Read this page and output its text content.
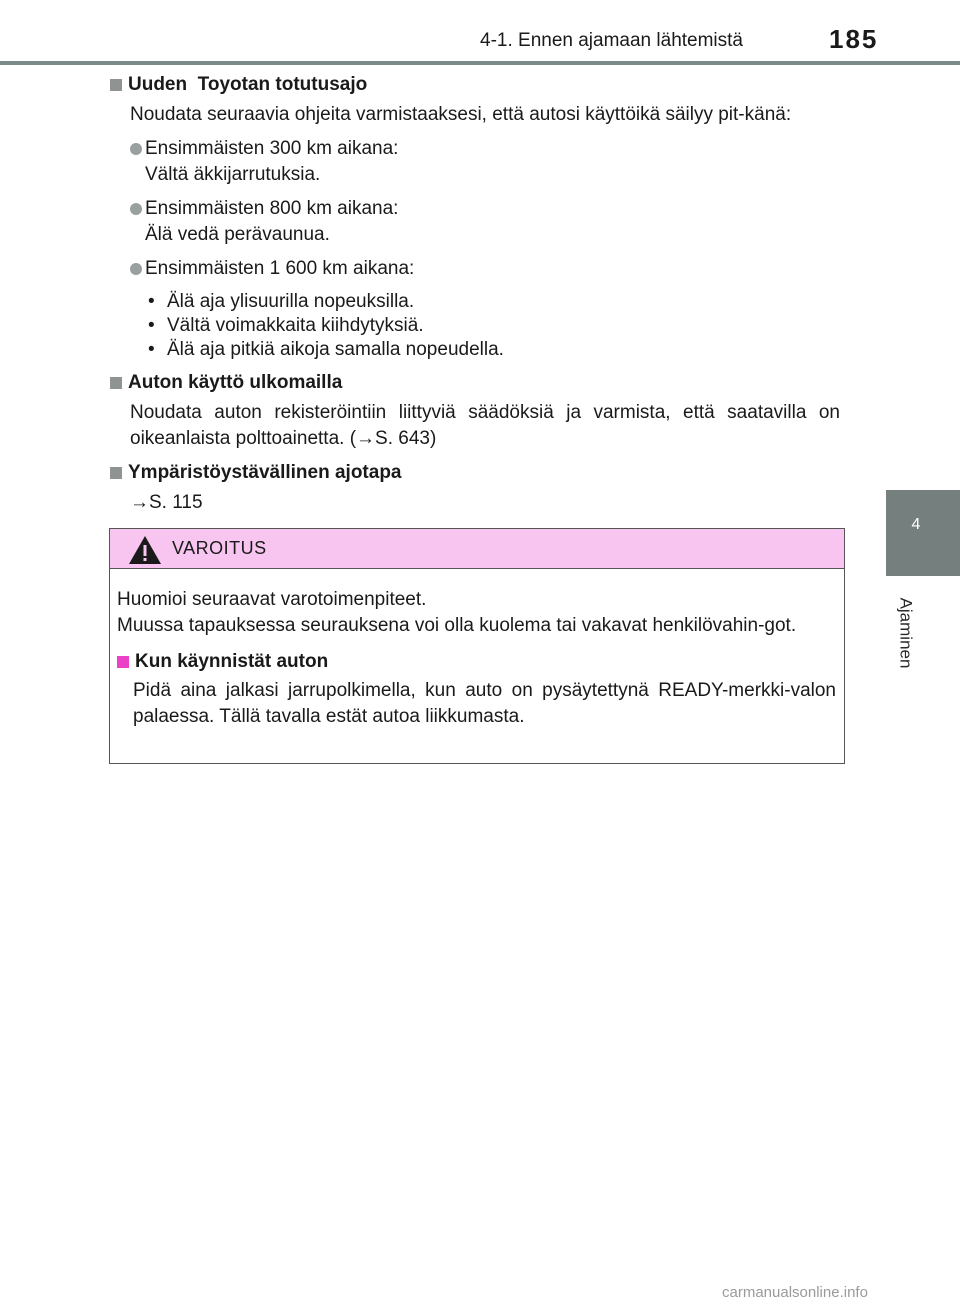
4-1. Ennen ajamaan lähtemistä	185
4
Ajaminen
Uuden  Toyotan totutusajo

Noudata seuraavia ohjeita varmistaaksesi, että autosi käyttöikä säilyy pit-känä:

Ensimmäisten 300 km aikana:
Vältä äkkijarrutuksia.
Ensimmäisten 800 km aikana:
Älä vedä perävaunua.
Ensimmäisten 1 600 km aikana:
• Älä aja ylisuurilla nopeuksilla.
• Vältä voimakkaita kiihdytyksiä.
• Älä aja pitkiä aikoja samalla nopeudella.
Auton käyttö ulkomailla

Noudata auton rekisteröintiin liittyviä säädöksiä ja varmista, että saatavilla on oikeanlaista polttoainetta. (→S. 643)

Ympäristöystävällinen ajotapa

→S. 115

VAROITUS

Huomioi seuraavat varotoimenpiteet.
Muussa tapauksessa seurauksena voi olla kuolema tai vakavat henkilövahin-got.

Kun käynnistät auton

Pidä aina jalkasi jarrupolkimella, kun auto on pysäytettynä READY-merkki-valon palaessa. Tällä tavalla estät autoa liikkumasta.

carmanualsonline.info
